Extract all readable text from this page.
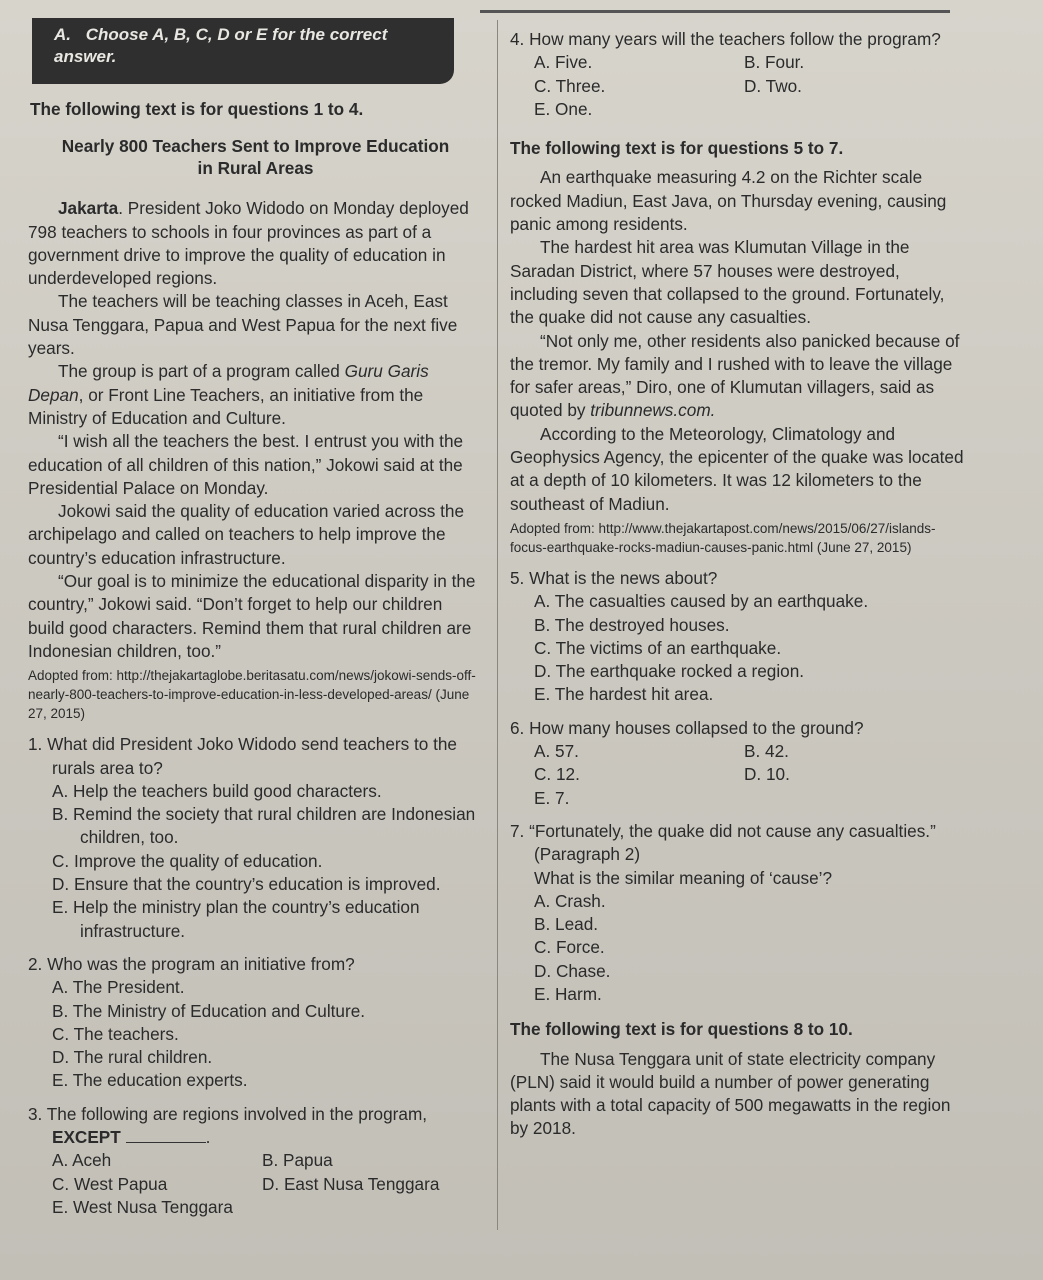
A. Choose A, B, C, D or E for the correct answer.

The following text is for questions 1 to 4.

Nearly 800 Teachers Sent to Improve Education
in Rural Areas

Jakarta. President Joko Widodo on Monday deployed 798 teachers to schools in four provinces as part of a government drive to improve the quality of education in underdeveloped regions.

The teachers will be teaching classes in Aceh, East Nusa Tenggara, Papua and West Papua for the next five years.

The group is part of a program called Guru Garis Depan, or Front Line Teachers, an initiative from the Ministry of Education and Culture.

“I wish all the teachers the best. I entrust you with the education of all children of this nation,” Jokowi said at the Presidential Palace on Monday.

Jokowi said the quality of education varied across the archipelago and called on teachers to help improve the country’s education infrastructure.

“Our goal is to minimize the educational disparity in the country,” Jokowi said. “Don’t forget to help our children build good characters. Remind them that rural children are Indonesian children, too.”

Adopted from: http://thejakartaglobe.beritasatu.com/news/jokowi-sends-off-nearly-800-teachers-to-improve-education-in-less-developed-areas/ (June 27, 2015)

1. What did President Joko Widodo send teachers to the rurals area to?

A. Help the teachers build good characters.

B. Remind the society that rural children are Indonesian children, too.

C. Improve the quality of education.

D. Ensure that the country’s education is improved.

E. Help the ministry plan the country’s education infrastructure.

2. Who was the program an initiative from?

A. The President.

B. The Ministry of Education and Culture.

C. The teachers.

D. The rural children.

E. The education experts.

3. The following are regions involved in the program,

EXCEPT	.

A. Aceh	B. Papua
C. West Papua	D. East Nusa Tenggara
E. West Nusa Tenggara

4. How many years will the teachers follow the program?

A. Five.	B. Four.
C. Three.	D. Two.
E. One.

The following text is for questions 5 to 7.

An earthquake measuring 4.2 on the Richter scale rocked Madiun, East Java, on Thursday evening, causing panic among residents.

The hardest hit area was Klumutan Village in the Saradan District, where 57 houses were destroyed, including seven that collapsed to the ground. Fortunately, the quake did not cause any casualties.

“Not only me, other residents also panicked because of the tremor. My family and I rushed with to leave the village for safer areas,” Diro, one of Klumutan villagers, said as quoted by tribunnews.com.

According to the Meteorology, Climatology and Geophysics Agency, the epicenter of the quake was located at a depth of 10 kilometers. It was 12 kilometers to the southeast of Madiun.

Adopted from: http://www.thejakartapost.com/news/2015/06/27/islands-focus-earthquake-rocks-madiun-causes-panic.html (June 27, 2015)

5. What is the news about?

A. The casualties caused by an earthquake.

B. The destroyed houses.

C. The victims of an earthquake.

D. The earthquake rocked a region.

E. The hardest hit area.

6. How many houses collapsed to the ground?

A. 57.	B. 42.
C. 12.	D. 10.
E. 7.

7. “Fortunately, the quake did not cause any casualties.” (Paragraph 2)

What is the similar meaning of ‘cause’?

A. Crash.

B. Lead.

C. Force.

D. Chase.

E. Harm.

The following text is for questions 8 to 10.

The Nusa Tenggara unit of state electricity company (PLN) said it would build a number of power generating plants with a total capacity of 500 megawatts in the region by 2018.
